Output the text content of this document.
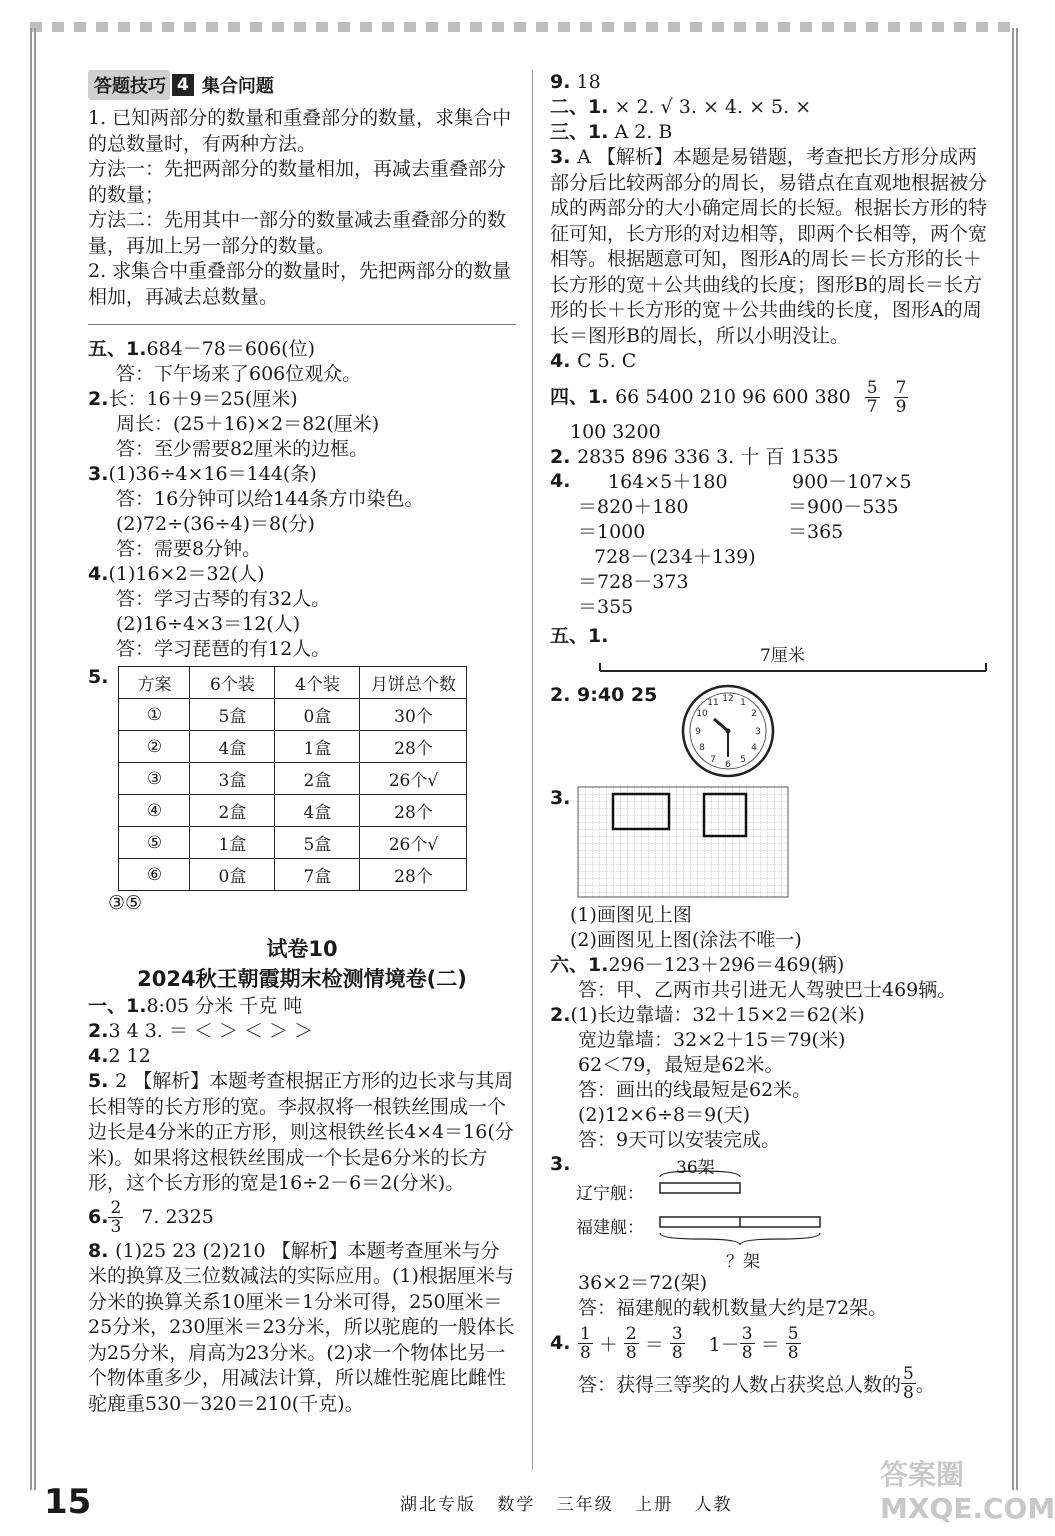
答题技巧 4 集合问题
1. 已知两部分的数量和重叠部分的数量，求集合中的总数量时，有两种方法。
方法一：先把两部分的数量相加，再减去重叠部分的数量；
方法二：先用其中一部分的数量减去重叠部分的数量，再加上另一部分的数量。
2. 求集合中重叠部分的数量时，先把两部分的数量相加，再减去总数量。
五、1.684－78＝606(位)
答：下午场来了606位观众。
2.长：16＋9＝25(厘米)
周长：(25＋16)×2＝82(厘米)
答：至少需要82厘米的边框。
3.(1)36÷4×16＝144(条)
答：16分钟可以给144条方巾染色。
(2)72÷(36÷4)＝8(分)
答：需要8分钟。
4.(1)16×2＝32(人)
答：学习古琴的有32人。
(2)16÷4×3＝12(人)
答：学习琵琶的有12人。
5. 方案	6个装	4个装	月饼总个数
①	5盒	0盒	30个
②	4盒	1盒	28个
③	3盒	2盒	26个√
④	2盒	4盒	28个
⑤	1盒	5盒	26个√
⑥	0盒	7盒	28个
③⑤
试卷10
2024秋王朝霞期末检测情境卷(二)
一、1.8:05 分米 千克 吨
2.3 4 3. ＝ ＜ ＞ ＜ ＞ ＞
4.2 12
5. 2 【解析】本题考查根据正方形的边长求与其周长相等的长方形的宽。李叔叔将一根铁丝围成一个边长是4分米的正方形，则这根铁丝长4×4＝16(分米)。如果将这根铁丝围成一个长是6分米的长方形，这个长方形的宽是16÷2－6＝2(分米)。
6. $\frac{2}{3} 7$. 2325
8. (1)25 23 (2)210 【解析】本题考查厘米与分米的换算及三位数减法的实际应用。(1)根据厘米与分米的换算关系10厘米＝1分米可得，250厘米＝25分米，230厘米＝23分米，所以驼鹿的一般体长为25分米，肩高为23分米。(2)求一个物体比另一个物体重多少，用减法计算，所以雄性驼鹿比雌性驼鹿重530－320＝210(千克)。
9. 18
二、1. × 2. √ 3. × 4. × 5. ×
三、1. A 2. B
3. A 【解析】本题是易错题，考查把长方形分成两部分后比较两部分的周长，易错点在直观地根据被分成的两部分的大小确定周长的长短。根据长方形的特征可知，长方形的对边相等，即两个长相等，两个宽相等。根据题意可知，图形A的周长＝长方形的长＋长方形的宽＋公共曲线的长度；图形B的周长＝长方形的长＋长方形的宽＋公共曲线的长度，图形A的周长＝图形B的周长，所以小明没让。
4. C 5. C
四、1. 66 5400 210 96 600 $380 \frac{5}{7} \frac{7}{9}$
100 3200
2. 2835 896 336 3. 十 百 1535
4.	164×5＋180
＝820＋180
＝1000
900－107×5
＝900－535
＝365
728－(234＋139)
＝728－373
＝355
五、1.
7厘米
2. 9:40 25	12 1
2
3
4
5
6
7
8
9
10
11
3.
(1)画图见上图
(2)画图见上图(涂法不唯一)
六、1.296－123＋296＝469(辆)
答：甲、乙两市共引进无人驾驶巴士469辆。
2.(1)长边靠墙：32＋15×2＝62(米)
宽边靠墙：32×2＋15＝79(米)
62＜79，最短是62米。
答：画出的线最短是62米。
(2)12×6÷8＝9(天)
答：9天可以安装完成。
3.	36架
辽宁舰：
福建舰：
？架
36×2＝72(架)
答：福建舰的载机数量大约是72架。
4. $\frac{1}{8} + \frac{2}{8} = \frac{3}{8} 1- \frac{3}{8} = \frac{5}{8}$
答：获得三等奖的人数占获奖总人数的 $\frac{5}{8}$ 。
15	湖北专版 数学 三年级 上册 人教
答案圈 MXQE.COM
